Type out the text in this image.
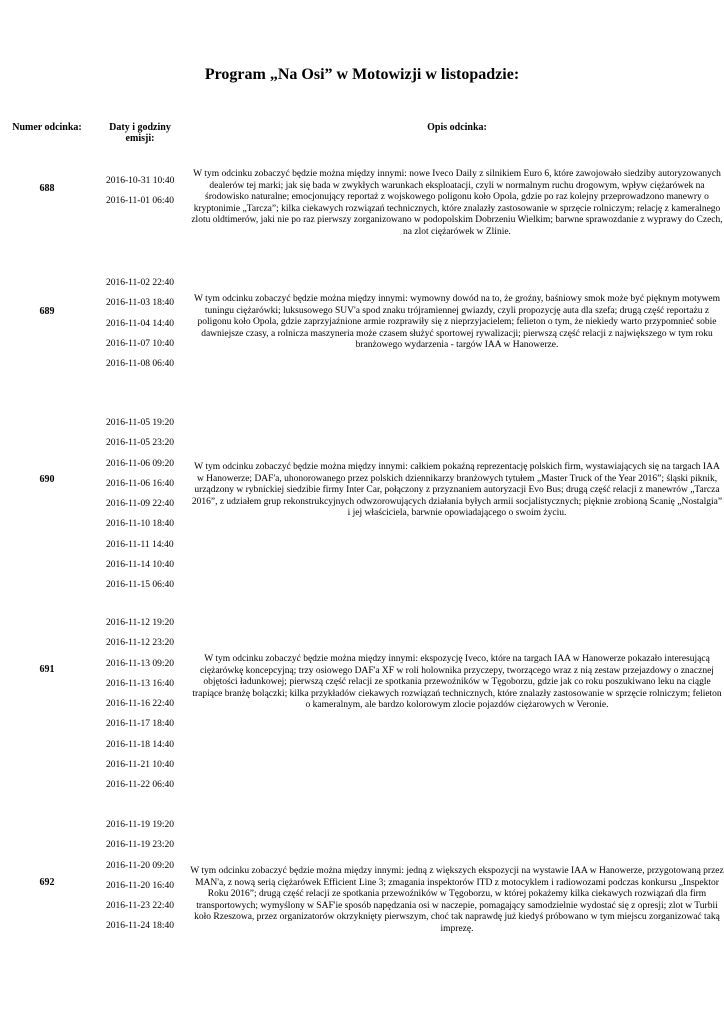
Program „Na Osi” w Motowizji w listopadzie:
Numer odcinka:	Daty i godziny emisji:
Opis odcinka:
688
2016-10-31 10:40
2016-11-01 06:40
W tym odcinku zobaczyć będzie można między innymi: nowe Iveco Daily z silnikiem Euro 6, które zawojowało siedziby autoryzowanych dealerów tej marki; jak się bada w zwykłych warunkach eksploatacji, czyli w normalnym ruchu drogowym, wpływ ciężarówek na środowisko naturalne; emocjonujący reportaż z wojskowego poligonu koło Opola, gdzie po raz kolejny przeprowadzono manewry o kryptonimie „Tarcza”; kilka ciekawych rozwiązań technicznych, które znalazły zastosowanie w sprzęcie rolniczym; relację z kameralnego zlotu oldtimerów, jaki nie po raz pierwszy zorganizowano w podopolskim Dobrzeniu Wielkim; barwne sprawozdanie z wyprawy do Czech, na zlot ciężarówek w Zlinie.
689
2016-11-02 22:40
2016-11-03 18:40
2016-11-04 14:40
2016-11-07 10:40
2016-11-08 06:40
W tym odcinku zobaczyć będzie można między innymi: wymowny dowód na to, że groźny, baśniowy smok może być pięknym motywem tuningu ciężarówki; luksusowego SUV'a spod znaku trójramiennej gwiazdy, czyli propozycję auta dla szefa; drugą część reportażu z poligonu koło Opola, gdzie zaprzyjaźnione armie rozprawiły się z nieprzyjacielem; felieton o tym, że niekiedy warto przypomnieć sobie dawniejsze czasy, a rolnicza maszyneria może czasem służyć sportowej rywalizacji; pierwszą część relacji z największego w tym roku branżowego wydarzenia - targów IAA w Hanowerze.
690
2016-11-05 19:20
2016-11-05 23:20
2016-11-06 09:20
2016-11-06 16:40
2016-11-09 22:40
2016-11-10 18:40
2016-11-11 14:40
2016-11-14 10:40
2016-11-15 06:40
W tym odcinku zobaczyć będzie można między innymi: całkiem pokaźną reprezentację polskich firm, wystawiających się na targach IAA w Hanowerze; DAF'a, uhonorowanego przez polskich dziennikarzy branżowych tytułem „Master Truck of the Year 2016”; śląski piknik, urządzony w rybnickiej siedzibie firmy Inter Car, połączony z przyznaniem autoryzacji Evo Bus; drugą część relacji z manewrów „Tarcza 2016”, z udziałem grup rekonstrukcyjnych odwzorowujących działania byłych armii socjalistycznych; pięknie zrobioną Scanię „Nostalgia” i jej właściciela, barwnie opowiadającego o swoim życiu.
691
2016-11-12 19:20
2016-11-12 23:20
2016-11-13 09:20
2016-11-13 16:40
2016-11-16 22:40
2016-11-17 18:40
2016-11-18 14:40
2016-11-21 10:40
2016-11-22 06:40
W tym odcinku zobaczyć będzie można między innymi: ekspozycję Iveco, które na targach IAA w Hanowerze pokazało interesującą ciężarówkę koncepcyjną; trzy osiowego DAF'a XF w roli holownika przyczepy, tworzącego wraz z nią zestaw przejazdowy o znacznej objętości ładunkowej; pierwszą część relacji ze spotkania przewoźników w Tęgoborzu, gdzie jak co roku poszukiwano leku na ciągle trapiące branżę bolączki; kilka przykładów ciekawych rozwiązań technicznych, które znalazły zastosowanie w sprzęcie rolniczym; felieton o kameralnym, ale bardzo kolorowym zlocie pojazdów ciężarowych w Veronie.
692
2016-11-19 19:20
2016-11-19 23:20
2016-11-20 09:20
2016-11-20 16:40
2016-11-23 22:40
2016-11-24 18:40
W tym odcinku zobaczyć będzie można między innymi: jedną z większych ekspozycji na wystawie IAA w Hanowerze, przygotowaną przez MAN'a, z nową serią ciężarówek Efficient Line 3; zmagania inspektorów ITD z motocyklem i radiowozami podczas konkursu „Inspektor Roku 2016”; drugą część relacji ze spotkania przewoźników w Tęgoborzu, w której pokażemy kilka ciekawych rozwiązań dla firm transportowych; wymyślony w SAF'ie sposób napędzania osi w naczepie, pomagający samodzielnie wydostać się z opresji; zlot w Turbii koło Rzeszowa, przez organizatorów okrzyknięty pierwszym, choć tak naprawdę już kiedyś próbowano w tym miejscu zorganizować taką imprezę.
